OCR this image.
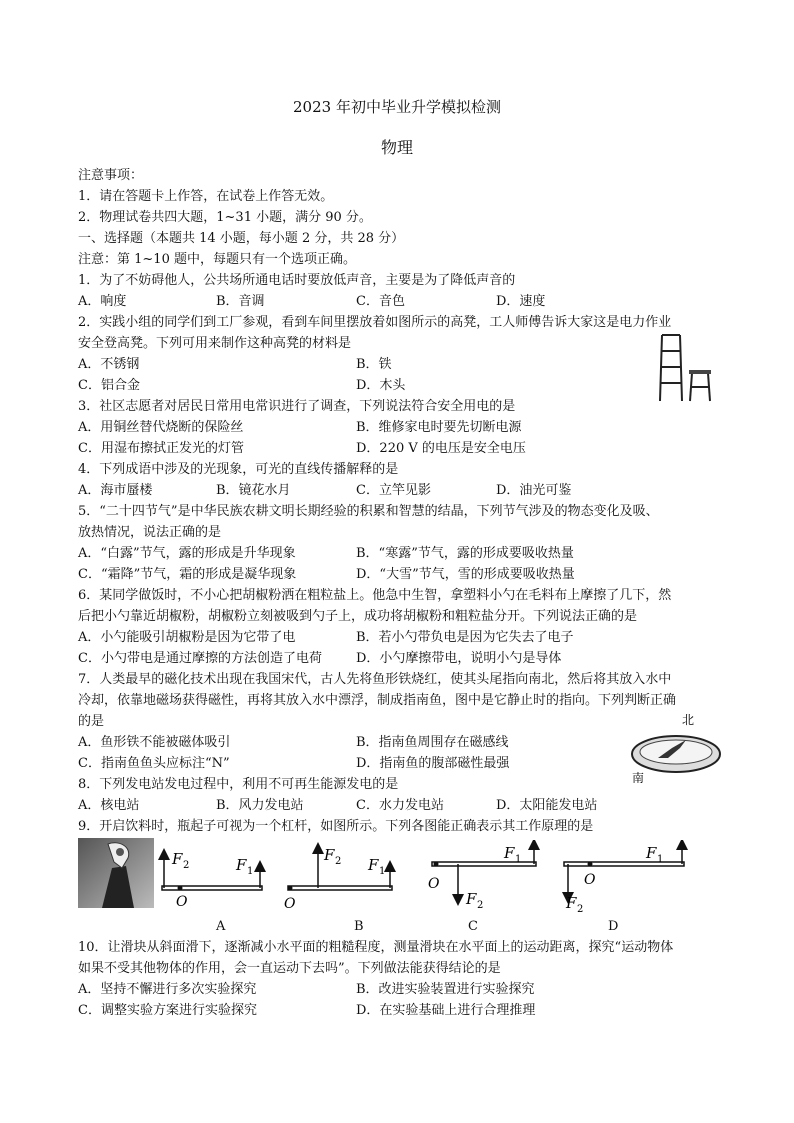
2023 年初中毕业升学模拟检测
物理
注意事项：
1．请在答题卡上作答，在试卷上作答无效。
2．物理试卷共四大题，1~31 小题，满分 90 分。
一、选择题（本题共 14 小题，每小题 2 分，共 28 分）
注意：第 1~10 题中，每题只有一个选项正确。
1．为了不妨碍他人，公共场所通电话时要放低声音，主要是为了降低声音的
A．响度	B．音调	C．音色	D．速度
2．实践小组的同学们到工厂参观，看到车间里摆放着如图所示的高凳，工人师傅告诉大家这是电力作业
安全登高凳。下列可用来制作这种高凳的材料是
A．不锈钢	B．铁
C．铝合金	D．木头
3．社区志愿者对居民日常用电常识进行了调查，下列说法符合安全用电的是
A．用铜丝替代烧断的保险丝	B．维修家电时要先切断电源
C．用湿布擦拭正发光的灯管	D．220 V 的电压是安全电压
4．下列成语中涉及的光现象，可光的直线传播解释的是
A．海市蜃楼	B．镜花水月	C．立竿见影	D．油光可鉴
5．“二十四节气”是中华民族农耕文明长期经验的积累和智慧的结晶，下列节气涉及的物态变化及吸、
放热情况，说法正确的是
A．“白露”节气，露的形成是升华现象	B．“寒露”节气，露的形成要吸收热量
C．“霜降”节气，霜的形成是凝华现象	D．“大雪”节气，雪的形成要吸收热量
6．某同学做饭时，不小心把胡椒粉洒在粗粒盐上。他急中生智，拿塑料小勺在毛料布上摩擦了几下，然
后把小勺靠近胡椒粉，胡椒粉立刻被吸到勺子上，成功将胡椒粉和粗粒盐分开。下列说法正确的是
A．小勺能吸引胡椒粉是因为它带了电	B．若小勺带负电是因为它失去了电子
C．小勺带电是通过摩擦的方法创造了电荷	D．小勺摩擦带电，说明小勺是导体
7．人类最早的磁化技术出现在我国宋代，古人先将鱼形铁烧红，使其头尾指向南北，然后将其放入水中
冷却，依靠地磁场获得磁性，再将其放入水中漂浮，制成指南鱼，图中是它静止时的指向。下列判断正确
的是
A．鱼形铁不能被磁体吸引	B．指南鱼周围存在磁感线
C．指南鱼鱼头应标注“N”	D．指南鱼的腹部磁性最强
北
南
8．下列发电站发电过程中，利用不可再生能源发电的是
A．核电站	B．风力发电站	C．水力发电站	D．太阳能发电站
9．开启饮料时，瓶起子可视为一个杠杆，如图所示。下列各图能正确表示其工作原理的是
F 2	F 1
O
A
F 2 F 1
O
B
F 1
F 2
O
C
F 1
F 2
O
D
10．让滑块从斜面滑下，逐渐减小水平面的粗糙程度，测量滑块在水平面上的运动距离，探究“运动物体
如果不受其他物体的作用，会一直运动下去吗”。下列做法能获得结论的是
A．坚持不懈进行多次实验探究	B．改进实验装置进行实验探究
C．调整实验方案进行实验探究	D．在实验基础上进行合理推理
